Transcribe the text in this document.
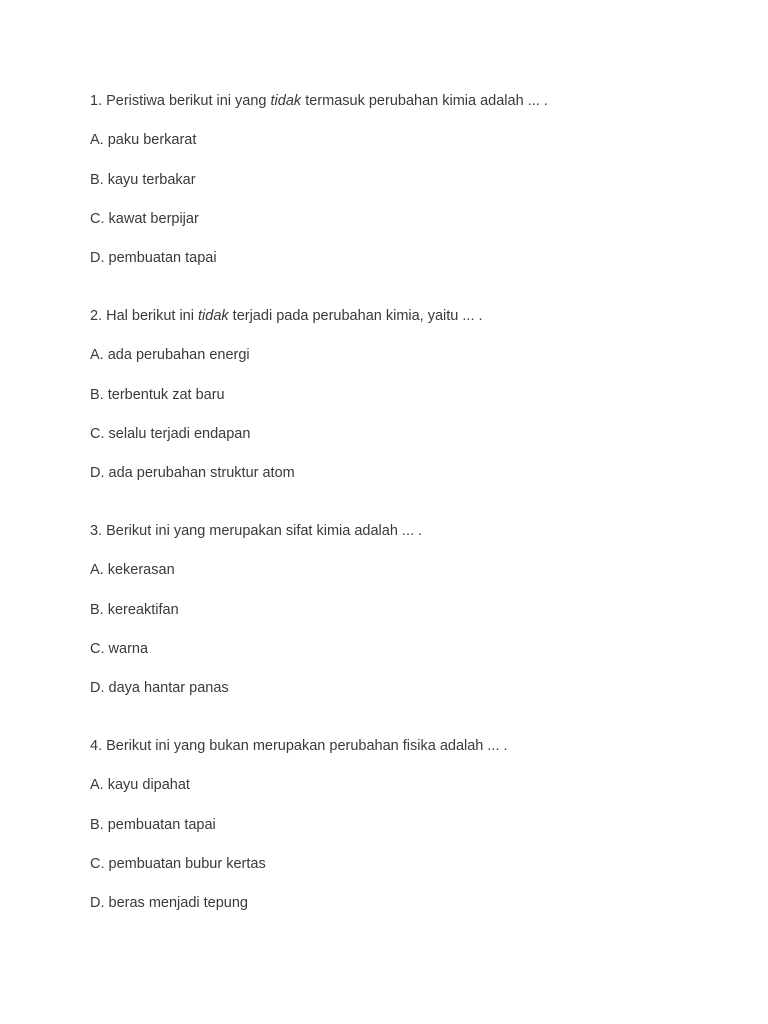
1. Peristiwa berikut ini yang tidak termasuk perubahan kimia adalah ... .
A. paku berkarat
B. kayu terbakar
C. kawat berpijar
D. pembuatan tapai
2. Hal berikut ini tidak terjadi pada perubahan kimia, yaitu ... .
A. ada perubahan energi
B. terbentuk zat baru
C. selalu terjadi endapan
D. ada perubahan struktur atom
3. Berikut ini yang merupakan sifat kimia adalah ... .
A. kekerasan
B. kereaktifan
C. warna
D. daya hantar panas
4. Berikut ini yang bukan merupakan perubahan fisika adalah ... .
A. kayu dipahat
B. pembuatan tapai
C. pembuatan bubur kertas
D. beras menjadi tepung
